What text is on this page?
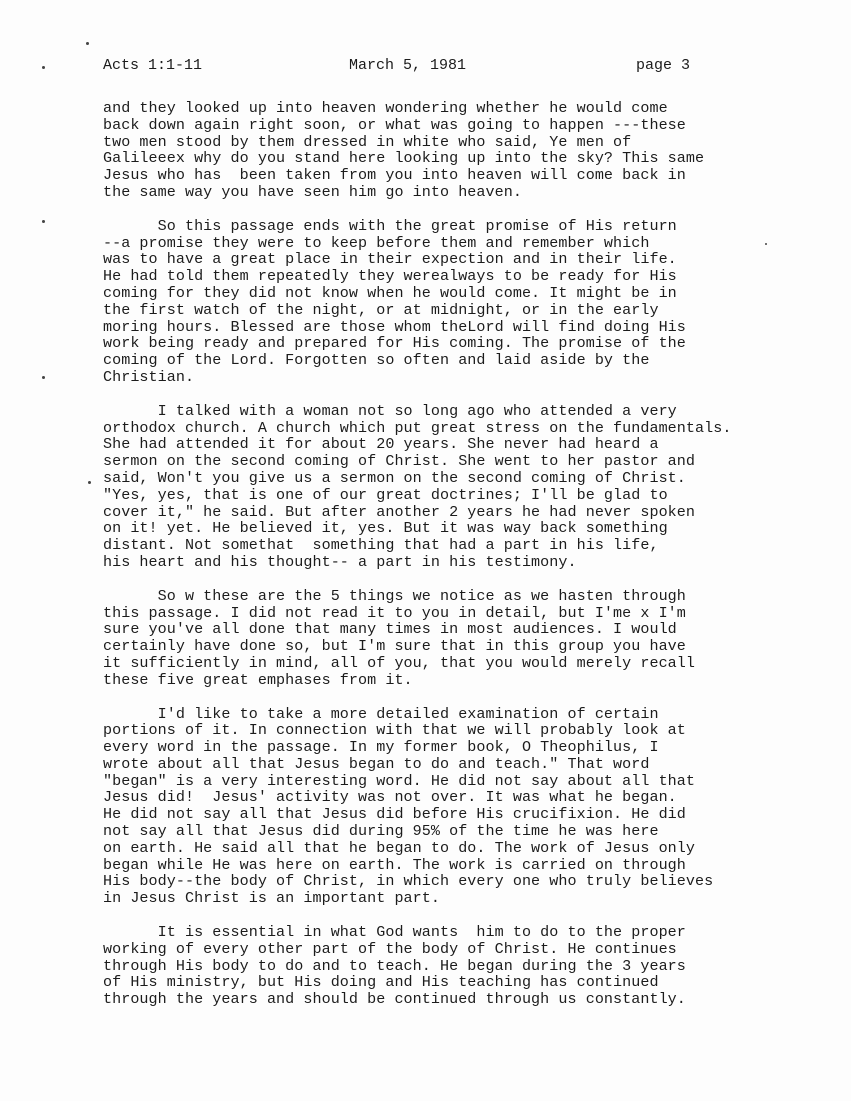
Acts 1:1-11	March 5, 1981	page 3
and they looked up into heaven wondering whether he would come
back down again right soon, or what was going to happen ---these
two men stood by them dressed in white who said, Ye men of
Galileeex why do you stand here looking up into the sky? This same
Jesus who has  been taken from you into heaven will come back in
the same way you have seen him go into heaven.
So this passage ends with the great promise of His return
--a promise they were to keep before them and remember which
was to have a great place in their expection and in their life.
He had told them repeatedly they werealways to be ready for His
coming for they did not know when he would come. It might be in
the first watch of the night, or at midnight, or in the early
moring hours. Blessed are those whom theLord will find doing His
work being ready and prepared for His coming. The promise of the
coming of the Lord. Forgotten so often and laid aside by the
Christian.
I talked with a woman not so long ago who attended a very
orthodox church. A church which put great stress on the fundamentals.
She had attended it for about 20 years. She never had heard a
sermon on the second coming of Christ. She went to her pastor and
said, Won't you give us a sermon on the second coming of Christ.
"Yes, yes, that is one of our great doctrines; I'll be glad to
cover it," he said. But after another 2 years he had never spoken
on it! yet. He believed it, yes. But it was way back something
distant. Not somethat  something that had a part in his life,
his heart and his thought-- a part in his testimony.
So w these are the 5 things we notice as we hasten through
this passage. I did not read it to you in detail, but I'me x I'm
sure you've all done that many times in most audiences. I would
certainly have done so, but I'm sure that in this group you have
it sufficiently in mind, all of you, that you would merely recall
these five great emphases from it.
I'd like to take a more detailed examination of certain
portions of it. In connection with that we will probably look at
every word in the passage. In my former book, O Theophilus, I
wrote about all that Jesus began to do and teach." That word
"began" is a very interesting word. He did not say about all that
Jesus did!  Jesus' activity was not over. It was what he began.
He did not say all that Jesus did before His crucifixion. He did
not say all that Jesus did during 95% of the time he was here
on earth. He said all that he began to do. The work of Jesus only
began while He was here on earth. The work is carried on through
His body--the body of Christ, in which every one who truly believes
in Jesus Christ is an important part.
It is essential in what God wants  him to do to the proper
working of every other part of the body of Christ. He continues
through His body to do and to teach. He began during the 3 years
of His ministry, but His doing and His teaching has continued
through the years and should be continued through us constantly.
